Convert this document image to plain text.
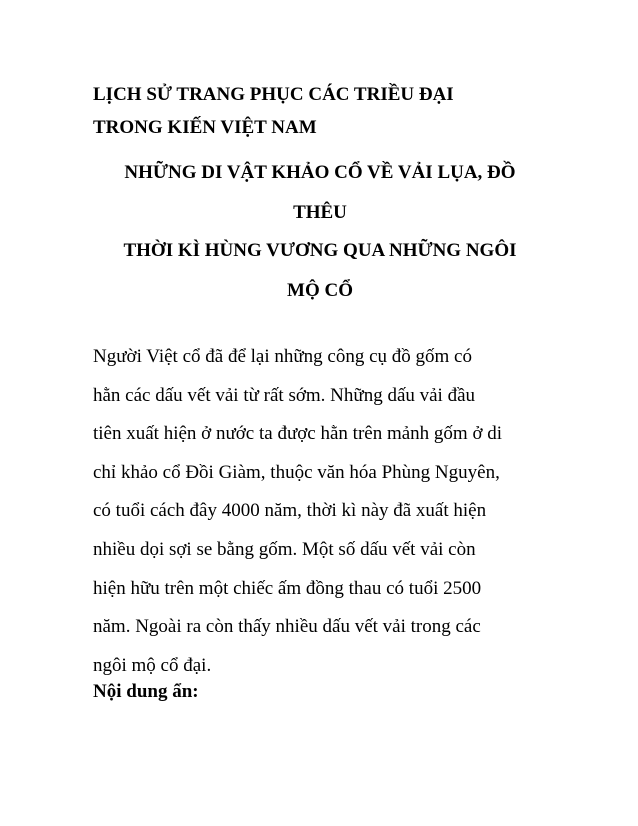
LỊCH SỬ TRANG PHỤC CÁC TRIỀU ĐẠI
TRONG KIẾN VIỆT NAM
NHỮNG DI VẬT KHẢO CỔ VỀ VẢI LỤA, ĐỒ
THÊU
THỜI KÌ HÙNG VƯƠNG QUA NHỮNG NGÔI
MỘ CỔ

Người Việt cổ đã để lại những công cụ đồ gốm có
hằn các dấu vết vải từ rất sớm. Những dấu vải đầu
tiên xuất hiện ở nước ta được hằn trên mảnh gốm ở di
chỉ khảo cổ Đồi Giàm, thuộc văn hóa Phùng Nguyên,
có tuổi cách đây 4000 năm, thời kì này đã xuất hiện
nhiều dọi sợi se bằng gốm. Một số dấu vết vải còn
hiện hữu trên một chiếc ấm đồng thau có tuổi 2500
năm. Ngoài ra còn thấy nhiều dấu vết vải trong các
ngôi mộ cổ đại.

Nội dung ẩn:
